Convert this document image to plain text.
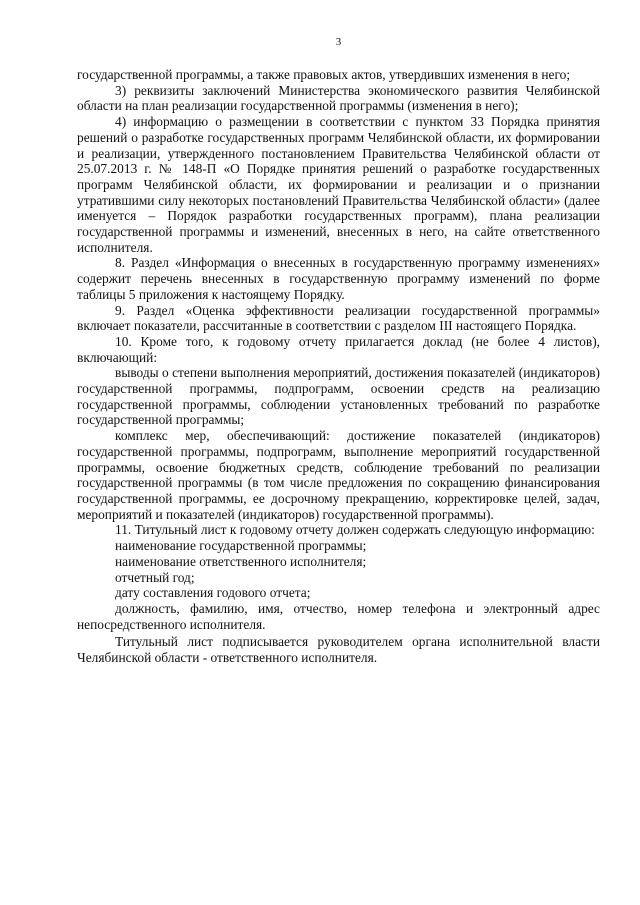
3

государственной программы, а также правовых актов, утвердивших изменения в него;

3) реквизиты заключений Министерства экономического развития Челябинской области на план реализации государственной программы (изменения в него);

4) информацию о размещении в соответствии с пунктом 33 Порядка принятия решений о разработке государственных программ Челябинской области, их формировании и реализации, утвержденного постановлением Правительства Челябинской области от 25.07.2013 г. № 148-П «О Порядке принятия решений о разработке государственных программ Челябинской области, их формировании и реализации и о признании утратившими силу некоторых постановлений Правительства Челябинской области» (далее именуется – Порядок разработки государственных программ), плана реализации государственной программы и изменений, внесенных в него, на сайте ответственного исполнителя.

8. Раздел «Информация о внесенных в государственную программу изменениях» содержит перечень внесенных в государственную программу изменений по форме таблицы 5 приложения к настоящему Порядку.

9. Раздел «Оценка эффективности реализации государственной программы» включает показатели, рассчитанные в соответствии с разделом III настоящего Порядка.

10. Кроме того, к годовому отчету прилагается доклад (не более 4 листов), включающий:

выводы о степени выполнения мероприятий, достижения показателей (индикаторов) государственной программы, подпрограмм, освоении средств на реализацию государственной программы, соблюдении установленных требований по разработке государственной программы;

комплекс мер, обеспечивающий: достижение показателей (индикаторов) государственной программы, подпрограмм, выполнение мероприятий государственной программы, освоение бюджетных средств, соблюдение требований по реализации государственной программы (в том числе предложения по сокращению финансирования государственной программы, ее досрочному прекращению, корректировке целей, задач, мероприятий и показателей (индикаторов) государственной программы).

11. Титульный лист к годовому отчету должен содержать следующую информацию:

наименование государственной программы;

наименование ответственного исполнителя;

отчетный год;

дату составления годового отчета;

должность, фамилию, имя, отчество, номер телефона и электронный адрес непосредственного исполнителя.

Титульный лист подписывается руководителем органа исполнительной власти Челябинской области - ответственного исполнителя.
